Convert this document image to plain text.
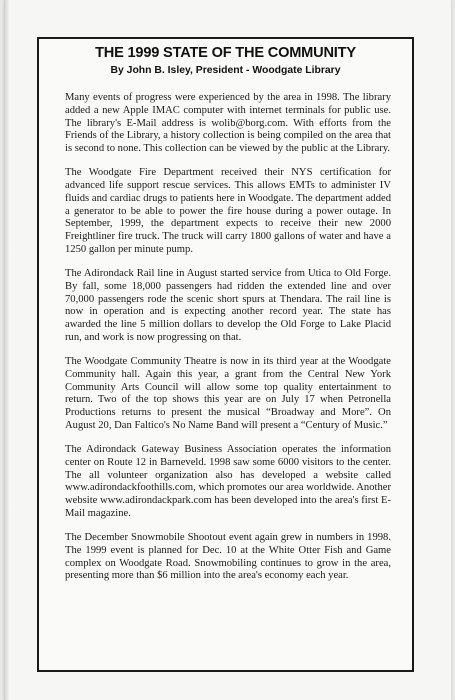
THE 1999 STATE OF THE COMMUNITY
By John B. Isley, President - Woodgate Library

Many events of progress were experienced by the area in 1998. The library added a new Apple IMAC computer with internet terminals for public use. The library's E-Mail address is wolib@borg.com. With efforts from the Friends of the Library, a history collection is being compiled on the area that is second to none. This collection can be viewed by the public at the Library.

The Woodgate Fire Department received their NYS certification for advanced life support rescue services. This allows EMTs to administer IV fluids and cardiac drugs to patients here in Woodgate. The department added a generator to be able to power the fire house during a power outage. In September, 1999, the department expects to receive their new 2000 Freightliner fire truck. The truck will carry 1800 gallons of water and have a 1250 gallon per minute pump.

The Adirondack Rail line in August started service from Utica to Old Forge. By fall, some 18,000 passengers had ridden the extended line and over 70,000 passengers rode the scenic short spurs at Thendara. The rail line is now in operation and is expecting another record year. The state has awarded the line 5 million dollars to develop the Old Forge to Lake Placid run, and work is now progressing on that.

The Woodgate Community Theatre is now in its third year at the Woodgate Community hall. Again this year, a grant from the Central New York Community Arts Council will allow some top quality entertainment to return. Two of the top shows this year are on July 17 when Petronella Productions returns to present the musical “Broadway and More”. On August 20, Dan Faltico's No Name Band will present a “Century of Music.”

The Adirondack Gateway Business Association operates the information center on Route 12 in Barneveld. 1998 saw some 6000 visitors to the center. The all volunteer organization also has developed a website called www.adirondackfoothills.com, which promotes our area worldwide. Another website www.adirondackpark.com has been developed into the area's first E-Mail magazine.

The December Snowmobile Shootout event again grew in numbers in 1998. The 1999 event is planned for Dec. 10 at the White Otter Fish and Game complex on Woodgate Road. Snowmobiling continues to grow in the area, presenting more than $6 million into the area's economy each year.
